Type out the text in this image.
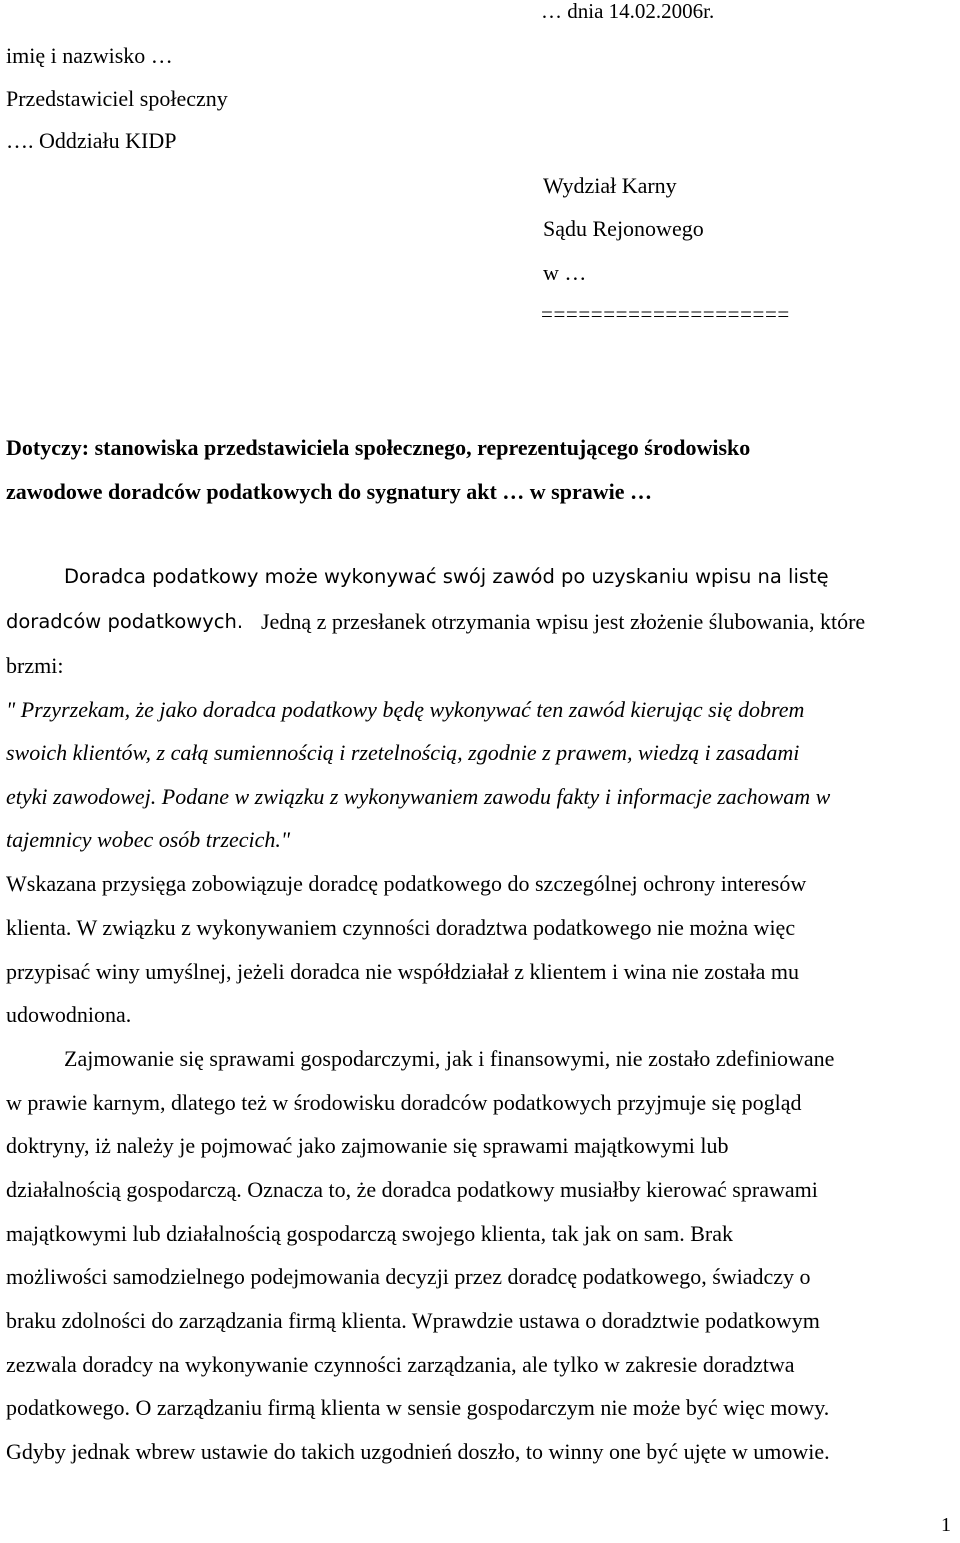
… dnia 14.02.2006r.
imię i nazwisko …
Przedstawiciel społeczny
…. Oddziału KIDP
Wydział Karny
Sądu Rejonowego
w …
====================
Dotyczy: stanowiska przedstawiciela społecznego, reprezentującego środowisko
zawodowe doradców podatkowych do sygnatury akt … w sprawie …
Doradca podatkowy może wykonywać swój zawód po uzyskaniu wpisu na listę
doradców podatkowych. Jedną z przesłanek otrzymania wpisu jest złożenie ślubowania, które
brzmi:
" Przyrzekam, że jako doradca podatkowy będę wykonywać ten zawód kierując się dobrem
swoich klientów, z całą sumiennością i rzetelnością, zgodnie z prawem, wiedzą i zasadami
etyki zawodowej. Podane w związku z wykonywaniem zawodu fakty i informacje zachowam w
tajemnicy wobec osób trzecich."
Wskazana przysięga zobowiązuje doradcę podatkowego do szczególnej ochrony interesów
klienta. W związku z wykonywaniem czynności doradztwa podatkowego nie można więc
przypisać winy umyślnej, jeżeli doradca nie współdziałał z klientem i wina nie została mu
udowodniona.
Zajmowanie się sprawami gospodarczymi, jak i finansowymi, nie zostało zdefiniowane
w prawie karnym, dlatego też w środowisku doradców podatkowych przyjmuje się pogląd
doktryny, iż należy je pojmować jako zajmowanie się sprawami majątkowymi lub
działalnością gospodarczą. Oznacza to, że doradca podatkowy musiałby kierować sprawami
majątkowymi lub działalnością gospodarczą swojego klienta, tak jak on sam. Brak
możliwości samodzielnego podejmowania decyzji przez doradcę podatkowego, świadczy o
braku zdolności do zarządzania firmą klienta. Wprawdzie ustawa o doradztwie podatkowym
zezwala doradcy na wykonywanie czynności zarządzania, ale tylko w zakresie doradztwa
podatkowego. O zarządzaniu firmą klienta w sensie gospodarczym nie może być więc mowy.
Gdyby jednak wbrew ustawie do takich uzgodnień doszło, to winny one być ujęte w umowie.
1
